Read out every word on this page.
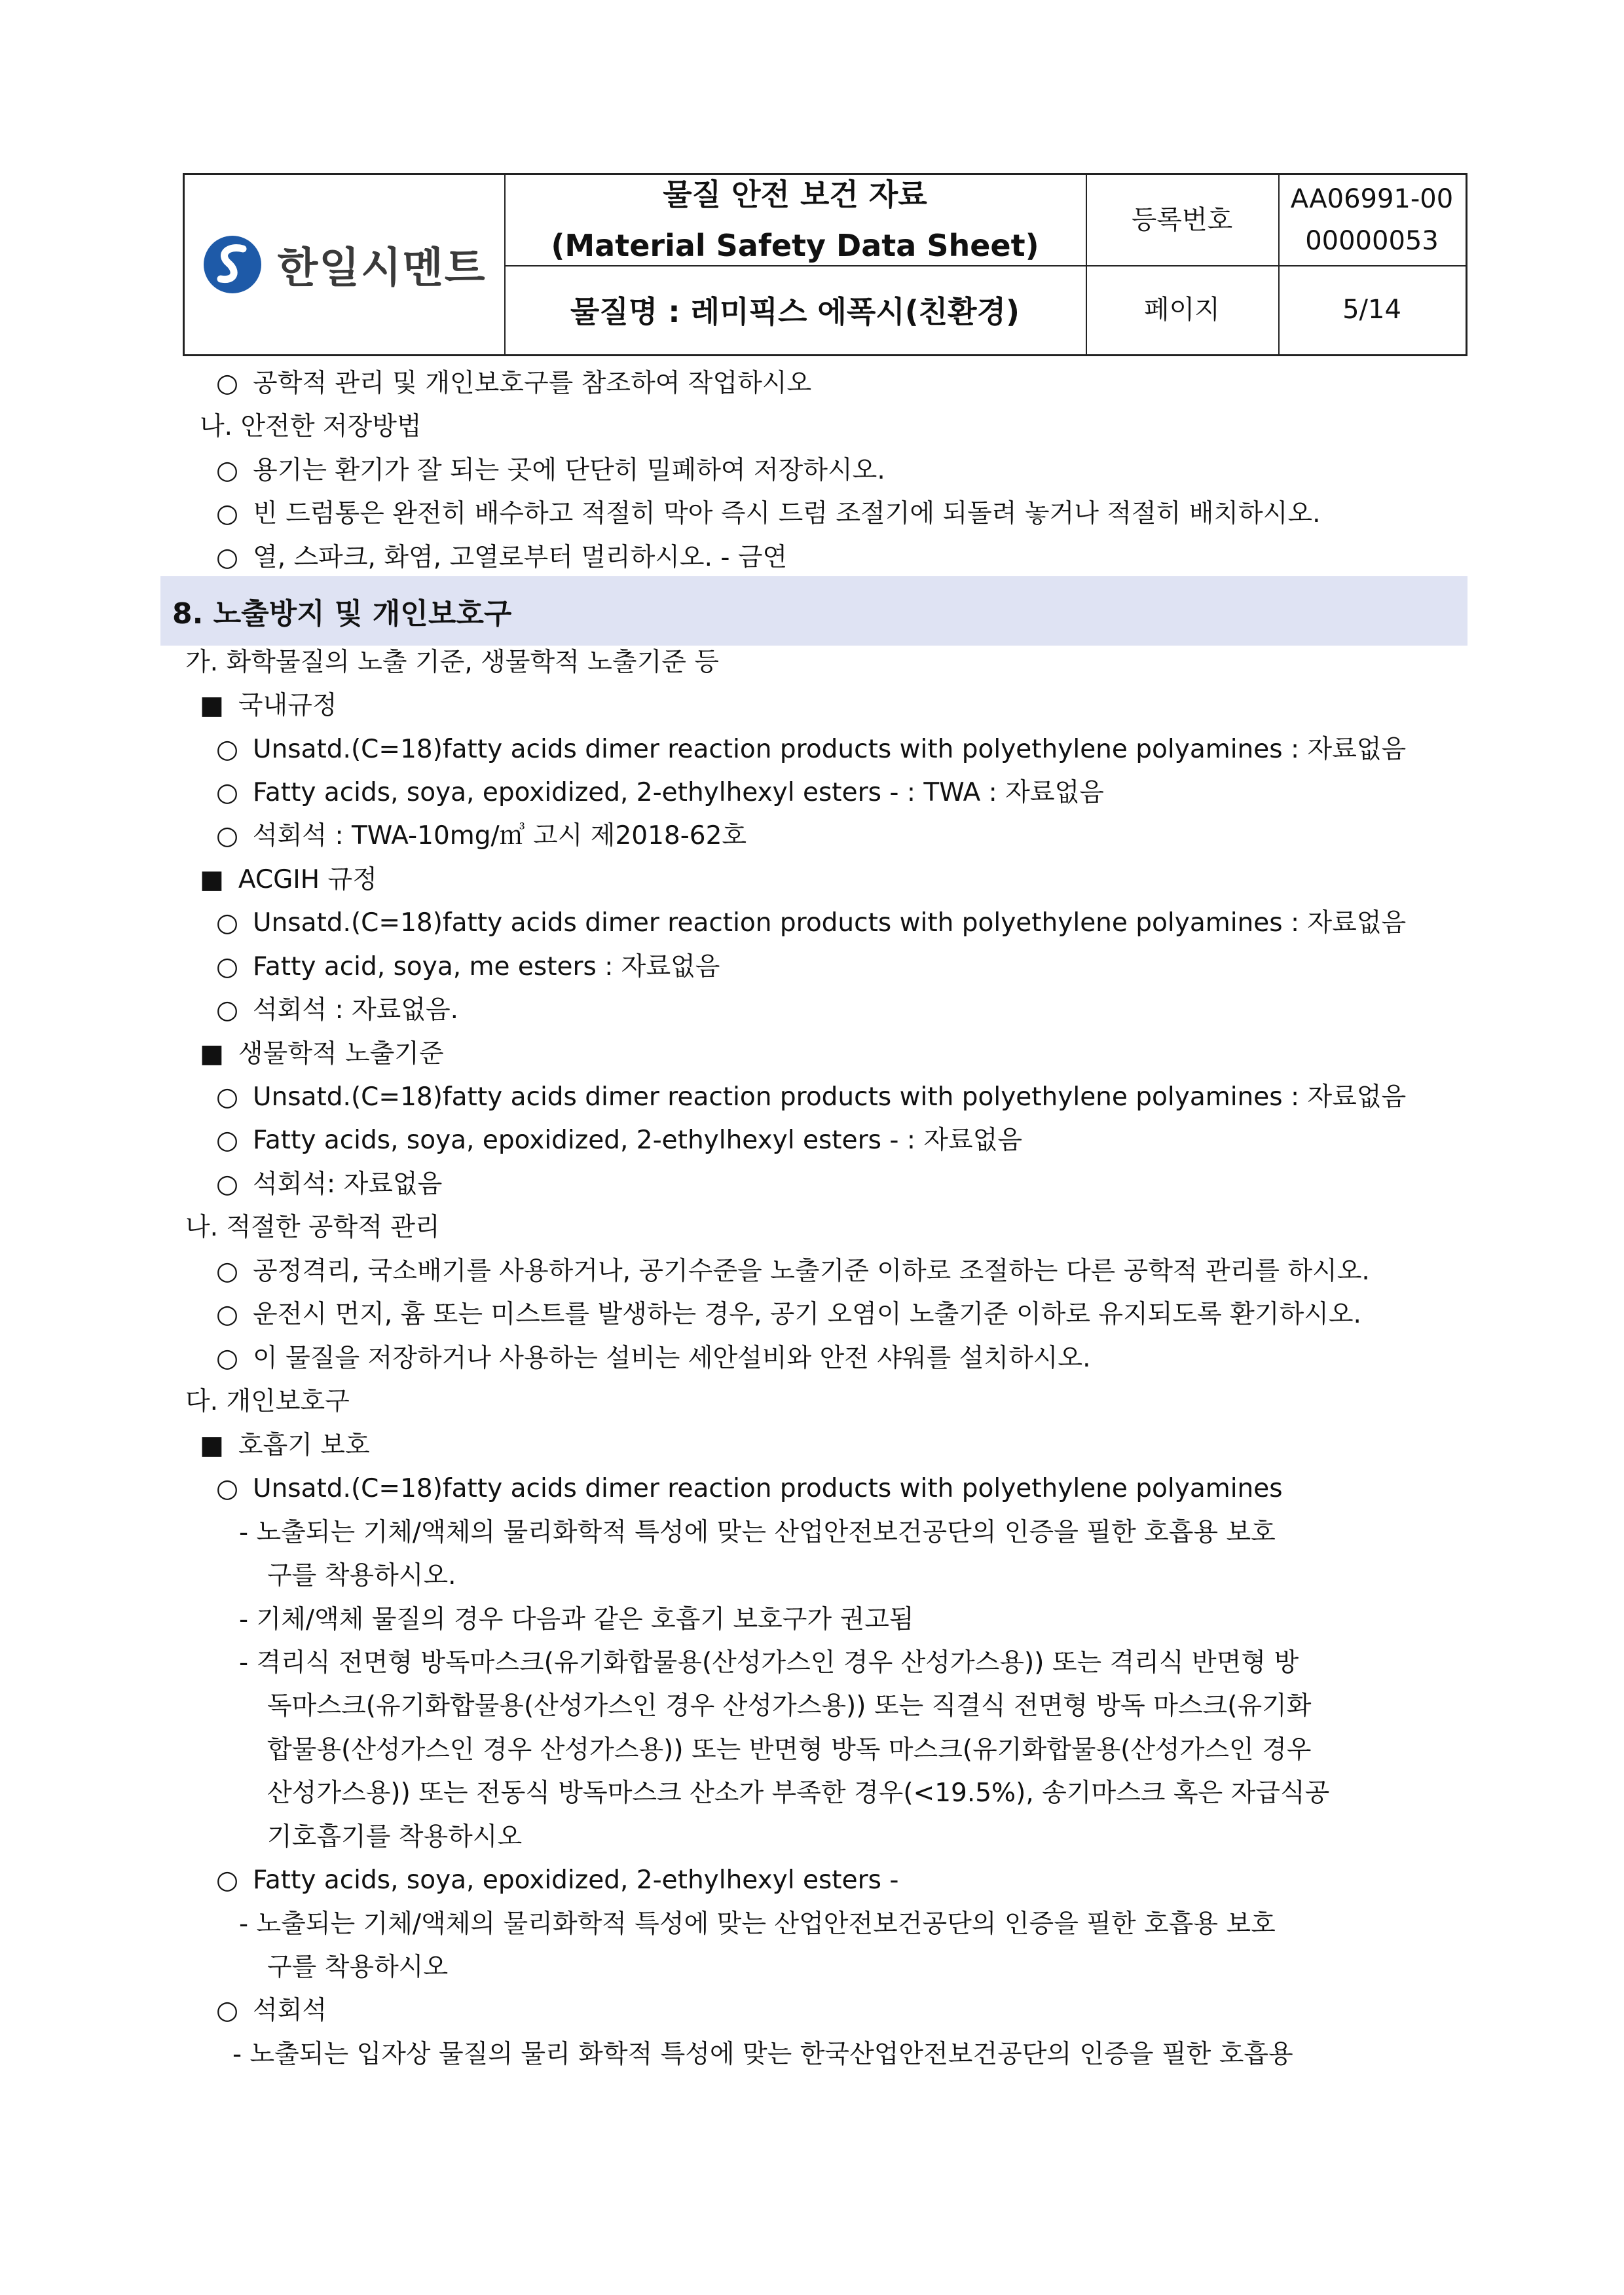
한일시멘트
물질 안전 보건 자료
(Material Safety Data Sheet)
등록번호
AA06991-00
00000053
물질명 : 레미픽스 에폭시(친환경)	페이지	5/14
○ 공학적 관리 및 개인보호구를 참조하여 작업하시오
나. 안전한 저장방법
○ 용기는 환기가 잘 되는 곳에 단단히 밀폐하여 저장하시오.
○ 빈 드럼통은 완전히 배수하고 적절히 막아 즉시 드럼 조절기에 되돌려 놓거나 적절히 배치하시오.
○ 열, 스파크, 화염, 고열로부터 멀리하시오. - 금연
8. 노출방지 및 개인보호구
가. 화학물질의 노출 기준, 생물학적 노출기준 등
■ 국내규정
○ Unsatd.(C=18)fatty acids dimer reaction products with polyethylene polyamines : 자료없음
○ Fatty acids, soya, epoxidized, 2-ethylhexyl esters - : TWA : 자료없음
○ 석회석 : TWA-10mg/㎥ 고시 제2018-62호
■ ACGIH 규정
○ Unsatd.(C=18)fatty acids dimer reaction products with polyethylene polyamines : 자료없음
○ Fatty acid, soya, me esters : 자료없음
○ 석회석 : 자료없음.
■ 생물학적 노출기준
○ Unsatd.(C=18)fatty acids dimer reaction products with polyethylene polyamines : 자료없음
○ Fatty acids, soya, epoxidized, 2-ethylhexyl esters - : 자료없음
○ 석회석: 자료없음
나. 적절한 공학적 관리
○ 공정격리, 국소배기를 사용하거나, 공기수준을 노출기준 이하로 조절하는 다른 공학적 관리를 하시오.
○ 운전시 먼지, 흄 또는 미스트를 발생하는 경우, 공기 오염이 노출기준 이하로 유지되도록 환기하시오.
○ 이 물질을 저장하거나 사용하는 설비는 세안설비와 안전 샤워를 설치하시오.
다. 개인보호구
■ 호흡기 보호
○ Unsatd.(C=18)fatty acids dimer reaction products with polyethylene polyamines
- 노출되는 기체/액체의 물리화학적 특성에 맞는 산업안전보건공단의 인증을 필한 호흡용 보호
구를 착용하시오.
- 기체/액체 물질의 경우 다음과 같은 호흡기 보호구가 권고됨
- 격리식 전면형 방독마스크(유기화합물용(산성가스인 경우 산성가스용)) 또는 격리식 반면형 방
독마스크(유기화합물용(산성가스인 경우 산성가스용)) 또는 직결식 전면형 방독 마스크(유기화
합물용(산성가스인 경우 산성가스용)) 또는 반면형 방독 마스크(유기화합물용(산성가스인 경우
산성가스용)) 또는 전동식 방독마스크 산소가 부족한 경우(<19.5%), 송기마스크 혹은 자급식공
기호흡기를 착용하시오
○ Fatty acids, soya, epoxidized, 2-ethylhexyl esters -
- 노출되는 기체/액체의 물리화학적 특성에 맞는 산업안전보건공단의 인증을 필한 호흡용 보호
구를 착용하시오
○ 석회석
- 노출되는 입자상 물질의 물리 화학적 특성에 맞는 한국산업안전보건공단의 인증을 필한 호흡용
